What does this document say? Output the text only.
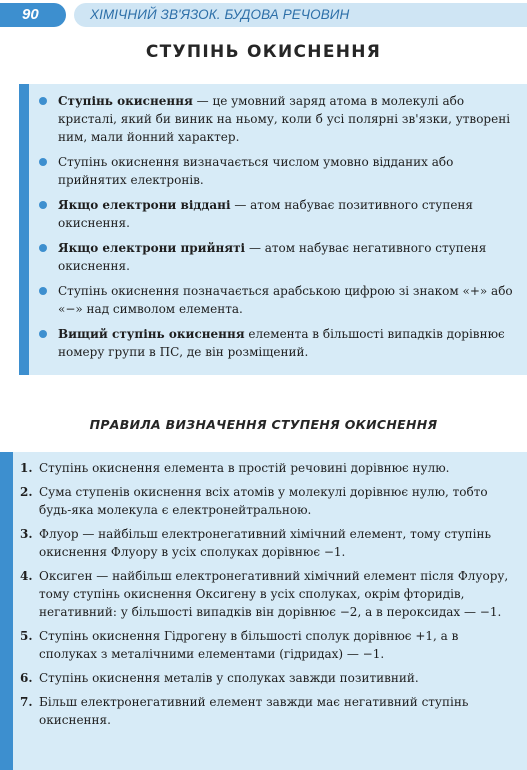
90	ХІМІЧНИЙ ЗВ'ЯЗОК. БУДОВА РЕЧОВИН
СТУПІНЬ ОКИСНЕННЯ
Ступінь окиснення — це умовний заряд атома в молекулі або кристалі, який би виник на ньому, коли б усі полярні зв'язки, утворені ним, мали йонний характер.
Ступінь окиснення визначається числом умовно відданих або прийнятих електронів.
Якщо електрони віддані — атом набуває позитивного ступеня окиснення.
Якщо електрони прийняті — атом набуває негативного ступеня окиснення.
Ступінь окиснення позначається арабською цифрою зі знаком «+» або «−» над символом елемента.
Вищий ступінь окиснення елемента в більшості випадків дорівнює номеру групи в ПС, де він розміщений.
ПРАВИЛА ВИЗНАЧЕННЯ СТУПЕНЯ ОКИСНЕННЯ
1. Ступінь окиснення елемента в простій речовині дорівнює нулю.
2. Сума ступенів окиснення всіх атомів у молекулі дорівнює нулю, тобто будь-яка молекула є електронейтральною.
3. Флуор — найбільш електронегативний хімічний елемент, тому ступінь окиснення Флуору в усіх сполуках дорівнює −1.
4. Оксиген — найбільш електронегативний хімічний елемент після Флуору, тому ступінь окиснення Оксигену в усіх сполуках, окрім фторидів, негативний: у більшості випадків він дорівнює −2, а в пероксидах — −1.
5. Ступінь окиснення Гідрогену в більшості сполук дорівнює +1, а в сполуках з металічними елементами (гідридах) — −1.
6. Ступінь окиснення металів у сполуках завжди позитивний.
7. Більш електронегативний елемент завжди має негативний ступінь окиснення.
